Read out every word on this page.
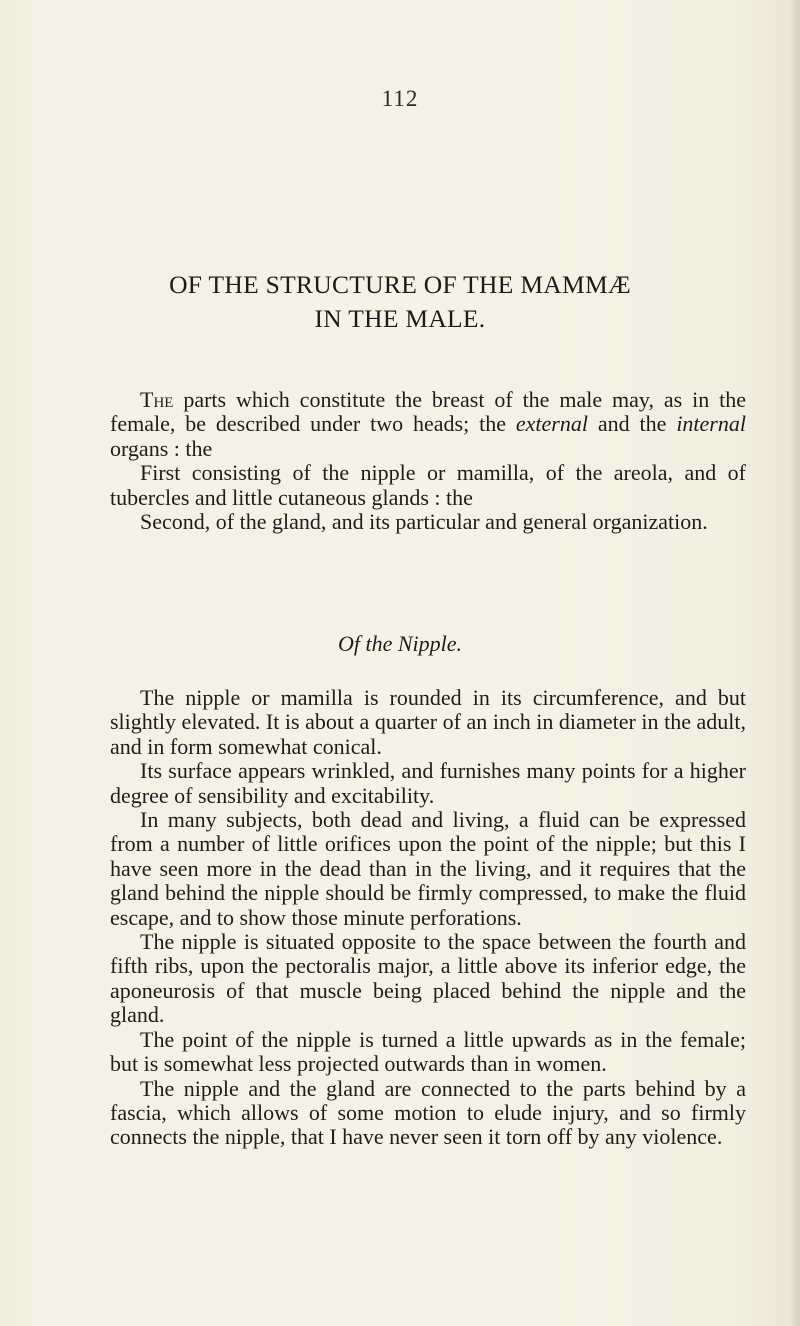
112
OF THE STRUCTURE OF THE MAMMÆ
IN THE MALE.

The parts which constitute the breast of the male may, as in the female, be described under two heads; the external and the internal organs : the

First consisting of the nipple or mamilla, of the areola, and of tubercles and little cutaneous glands : the

Second, of the gland, and its particular and general organization.

Of the Nipple.

The nipple or mamilla is rounded in its circumference, and but slightly elevated. It is about a quarter of an inch in diameter in the adult, and in form somewhat conical.

Its surface appears wrinkled, and furnishes many points for a higher degree of sensibility and excitability.

In many subjects, both dead and living, a fluid can be expressed from a number of little orifices upon the point of the nipple; but this I have seen more in the dead than in the living, and it requires that the gland behind the nipple should be firmly compressed, to make the fluid escape, and to show those minute perforations.

The nipple is situated opposite to the space between the fourth and fifth ribs, upon the pectoralis major, a little above its inferior edge, the aponeurosis of that muscle being placed behind the nipple and the gland.

The point of the nipple is turned a little upwards as in the female; but is somewhat less projected outwards than in women.

The nipple and the gland are connected to the parts behind by a fascia, which allows of some motion to elude injury, and so firmly connects the nipple, that I have never seen it torn off by any violence.
